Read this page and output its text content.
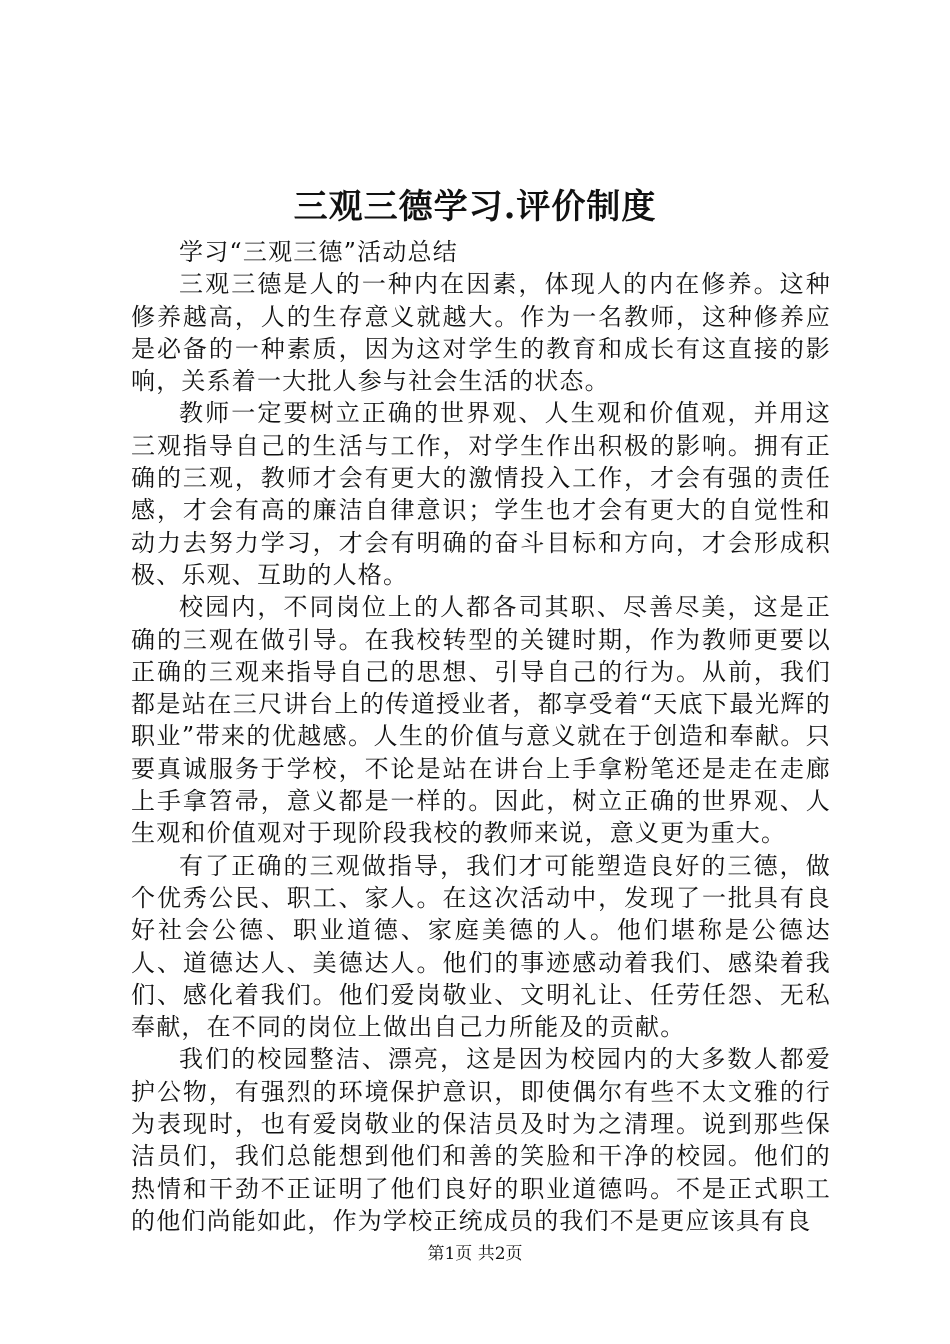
三观三德学习.评价制度

学习“三观三德”活动总结

三观三德是人的一种内在因素，体现人的内在修养。这种修养越高，人的生存意义就越大。作为一名教师，这种修养应是必备的一种素质，因为这对学生的教育和成长有这直接的影响，关系着一大批人参与社会生活的状态。

教师一定要树立正确的世界观、人生观和价值观，并用这三观指导自己的生活与工作，对学生作出积极的影响。拥有正确的三观，教师才会有更大的激情投入工作，才会有强的责任感，才会有高的廉洁自律意识；学生也才会有更大的自觉性和动力去努力学习，才会有明确的奋斗目标和方向，才会形成积极、乐观、互助的人格。

校园内，不同岗位上的人都各司其职、尽善尽美，这是正确的三观在做引导。在我校转型的关键时期，作为教师更要以正确的三观来指导自己的思想、引导自己的行为。从前，我们都是站在三尺讲台上的传道授业者，都享受着“天底下最光辉的职业”带来的优越感。人生的价值与意义就在于创造和奉献。只要真诚服务于学校，不论是站在讲台上手拿粉笔还是走在走廊上手拿笤帚，意义都是一样的。因此，树立正确的世界观、人生观和价值观对于现阶段我校的教师来说，意义更为重大。

有了正确的三观做指导，我们才可能塑造良好的三德，做个优秀公民、职工、家人。在这次活动中，发现了一批具有良好社会公德、职业道德、家庭美德的人。他们堪称是公德达人、道德达人、美德达人。他们的事迹感动着我们、感染着我们、感化着我们。他们爱岗敬业、文明礼让、任劳任怨、无私奉献，在不同的岗位上做出自己力所能及的贡献。

我们的校园整洁、漂亮，这是因为校园内的大多数人都爱护公物，有强烈的环境保护意识，即使偶尔有些不太文雅的行为表现时，也有爱岗敬业的保洁员及时为之清理。说到那些保洁员们，我们总能想到他们和善的笑脸和干净的校园。他们的热情和干劲不正证明了他们良好的职业道德吗。不是正式职工的他们尚能如此，作为学校正统成员的我们不是更应该具有良

第1页 共2页
